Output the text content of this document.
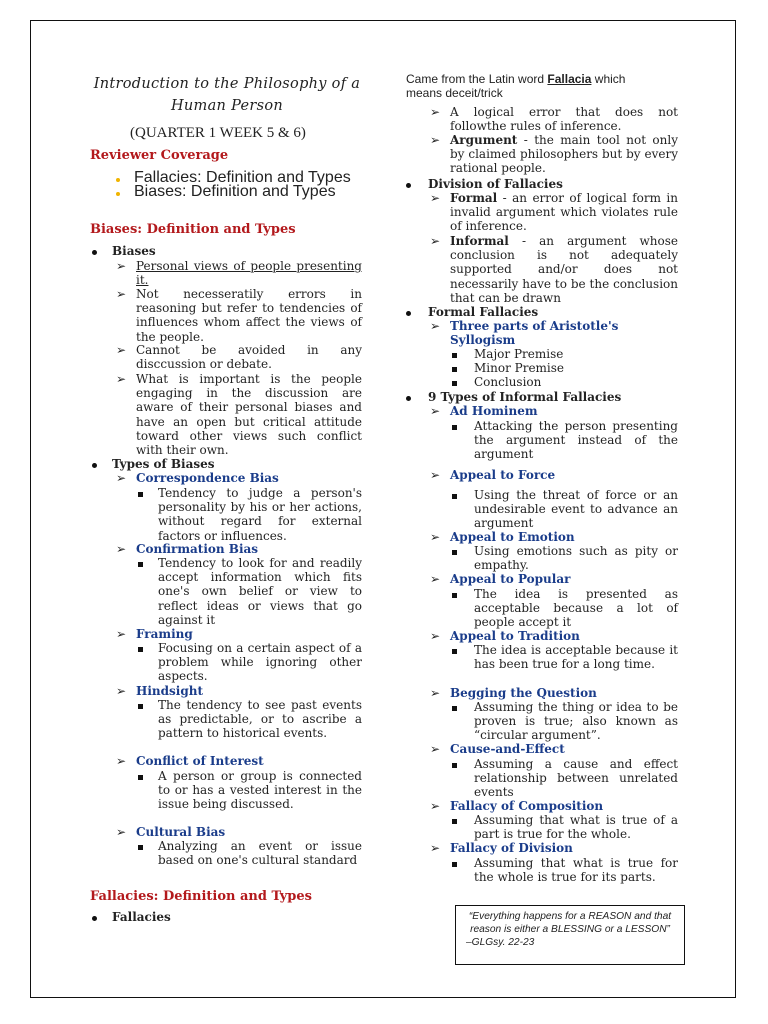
Introduction to the Philosophy of a
Human Person
(QUARTER 1 WEEK 5 & 6)
Reviewer Coverage
Fallacies: Definition and Types
Biases: Definition and Types
Biases: Definition and Types
Biases
➢ Personal views of people presenting it.
➢ Not necesseratily errors in reasoning but refer to tendencies of influences whom affect the views of the people.
➢ Cannot be avoided in any disccussion or debate.
➢ What is important is the people engaging in the discussion are aware of their personal biases and have an open but critical attitude toward other views such conflict with their own.
Types of Biases
➢ Correspondence Bias
Tendency to judge a person's personality by his or her actions, without regard for external factors or influences.
➢ Confirmation Bias
Tendency to look for and readily accept information which fits one's own belief or view to reflect ideas or views that go against it
➢ Framing
Focusing on a certain aspect of a problem while ignoring other aspects.
➢ Hindsight
The tendency to see past events as predictable, or to ascribe a pattern to historical events.
➢ Conflict of Interest
A person or group is connected to or has a vested interest in the issue being discussed.
➢ Cultural Bias
Analyzing an event or issue based on one's cultural standard
Fallacies: Definition and Types
Fallacies
Came from the Latin word Fallacia which
means deceit/trick
➢ A logical error that does not followthe rules of inference.
➢ Argument - the main tool not only by claimed philosophers but by every rational people.
Division of Fallacies
➢ Formal - an error of logical form in invalid argument which violates rule of inference.
➢ Informal - an argument whose conclusion is not adequately supported and/or does not necessarily have to be the conclusion that can be drawn
Formal Fallacies
➢ Three parts of Aristotle's
Syllogism
Major Premise
Minor Premise
Conclusion
9 Types of Informal Fallacies
➢ Ad Hominem
Attacking the person presenting the argument instead of the argument
➢ Appeal to Force
Using the threat of force or an undesirable event to advance an argument
➢ Appeal to Emotion
Using emotions such as pity or empathy.
➢ Appeal to Popular
The idea is presented as acceptable because a lot of people accept it
➢ Appeal to Tradition
The idea is acceptable because it has been true for a long time.
➢ Begging the Question
Assuming the thing or idea to be proven is true; also known as “circular argument”.
➢ Cause-and-Effect
Assuming a cause and effect relationship between unrelated events
➢ Fallacy of Composition
Assuming that what is true of a part is true for the whole.
➢ Fallacy of Division
Assuming that what is true for the whole is true for its parts.
“Everything happens for a REASON and that
reason is either a BLESSING or a LESSON”
–GLGsy. 22-23
